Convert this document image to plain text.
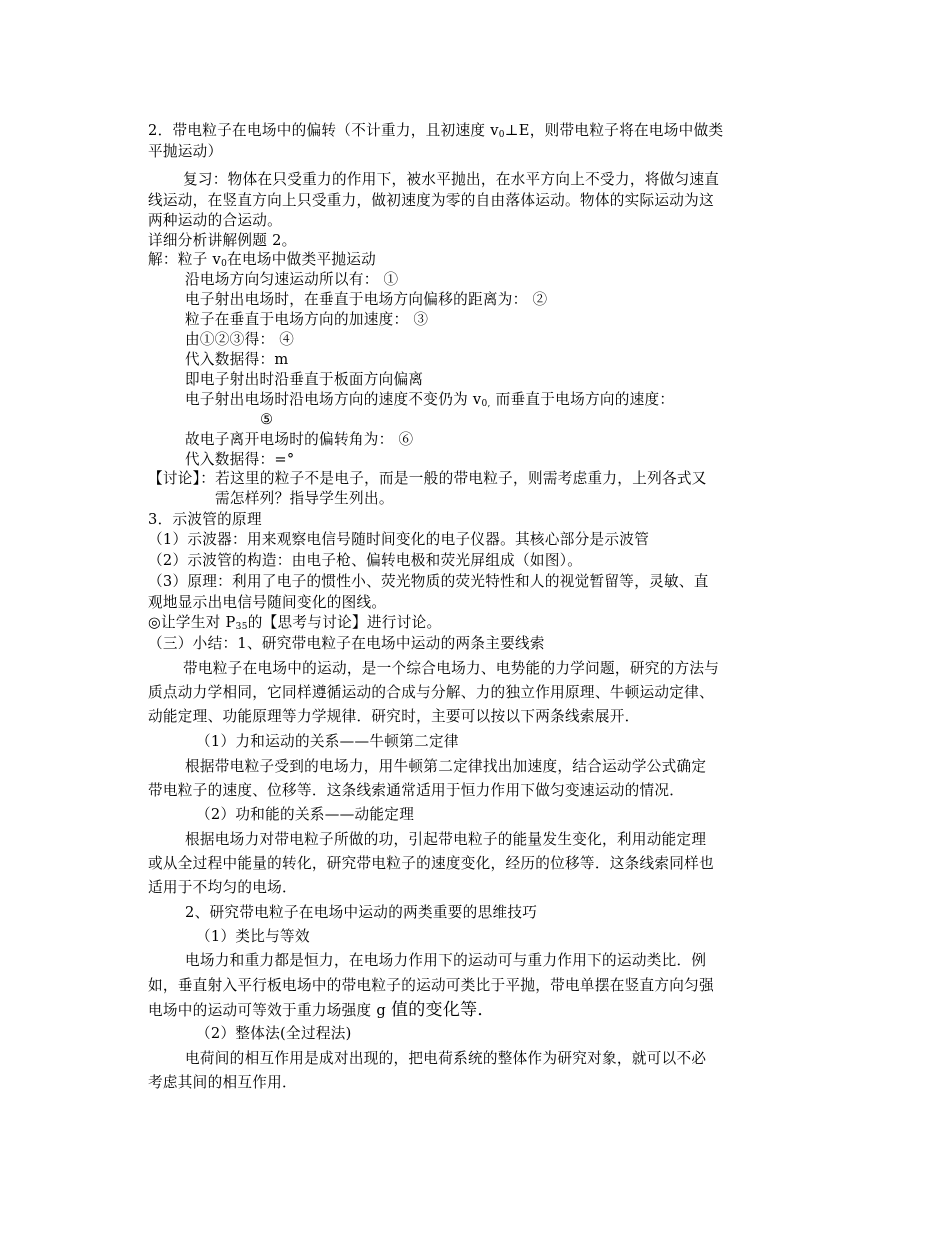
2．带电粒子在电场中的偏转（不计重力，且初速度 $v_0\perp E$，则带电粒子将在电场中做类
平抛运动）
复习：物体在只受重力的作用下，被水平抛出，在水平方向上不受力，将做匀速直
线运动，在竖直方向上只受重力，做初速度为零的自由落体运动。物体的实际运动为这
两种运动的合运动。
详细分析讲解例题 2。
解：粒子 $v_0$在电场中做类平抛运动
沿电场方向匀速运动所以有： ①
电子射出电场时，在垂直于电场方向偏移的距离为： ②
粒子在垂直于电场方向的加速度： ③
由①②③得： ④
代入数据得：m
即电子射出时沿垂直于板面方向偏离
电子射出电场时沿电场方向的速度不变仍为 $v_{0,}$ 而垂直于电场方向的速度：
⑤
故电子离开电场时的偏转角为： ⑥
代入数据得：=°
【讨论】：若这里的粒子不是电子，而是一般的带电粒子，则需考虑重力，上列各式又
需怎样列？指导学生列出。
3．示波管的原理
（1）示波器：用来观察电信号随时间变化的电子仪器。其核心部分是示波管
（2）示波管的构造：由电子枪、偏转电极和荧光屏组成（如图）。
（3）原理：利用了电子的惯性小、荧光物质的荧光特性和人的视觉暂留等，灵敏、直
观地显示出电信号随间变化的图线。
◎让学生对 $P_{35}$的【思考与讨论】进行讨论。
（三）小结：1、研究带电粒子在电场中运动的两条主要线索
带电粒子在电场中的运动，是一个综合电场力、电势能的力学问题，研究的方法与
质点动力学相同，它同样遵循运动的合成与分解、力的独立作用原理、牛顿运动定律、
动能定理、功能原理等力学规律．研究时，主要可以按以下两条线索展开．
（1）力和运动的关系——牛顿第二定律
根据带电粒子受到的电场力，用牛顿第二定律找出加速度，结合运动学公式确定
带电粒子的速度、位移等．这条线索通常适用于恒力作用下做匀变速运动的情况．
（2）功和能的关系——动能定理
根据电场力对带电粒子所做的功，引起带电粒子的能量发生变化，利用动能定理
或从全过程中能量的转化，研究带电粒子的速度变化，经历的位移等．这条线索同样也
适用于不均匀的电场．
2、研究带电粒子在电场中运动的两类重要的思维技巧
（1）类比与等效
电场力和重力都是恒力，在电场力作用下的运动可与重力作用下的运动类比．例
如，垂直射入平行板电场中的带电粒子的运动可类比于平抛，带电单摆在竖直方向匀强
电场中的运动可等效于重力场强度 g 值的变化等．
（2）整体法(全过程法)
电荷间的相互作用是成对出现的，把电荷系统的整体作为研究对象，就可以不必
考虑其间的相互作用．
